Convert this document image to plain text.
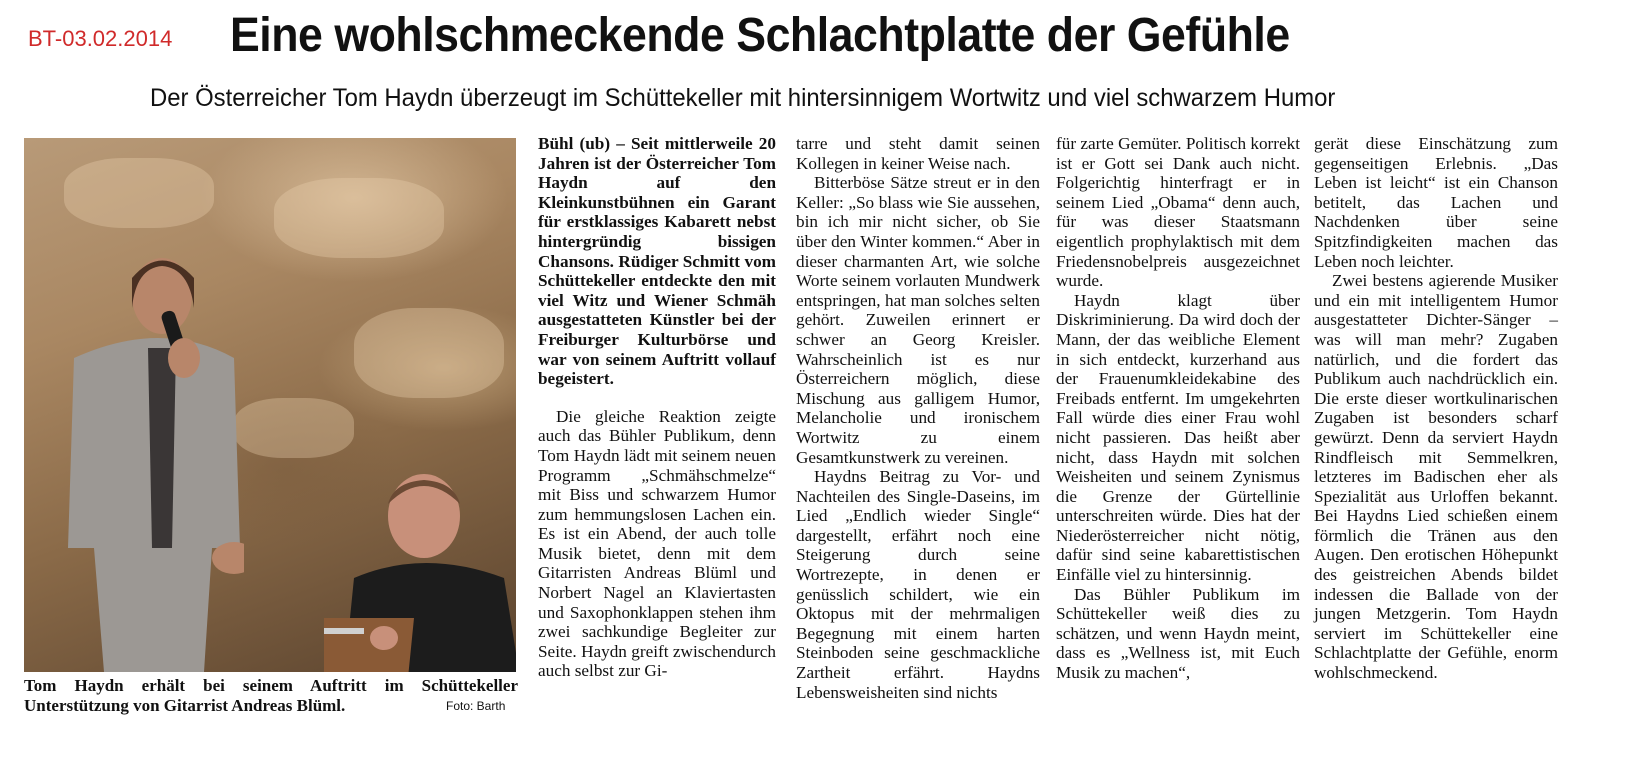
BT-03.02.2014 Eine wohlschmeckende Schlachtplatte der Gefühle
Der Österreicher Tom Haydn überzeugt im Schüttekeller mit hintersinnigem Wortwitz und viel schwarzem Humor
Tom Haydn erhält bei seinem Auftritt im Schüttekeller Unterstützung von Gitarrist Andreas Blüml.	Foto: Barth

Bühl (ub) – Seit mittlerweile 20 Jahren ist der Österreicher Tom Haydn auf den Kleinkunstbühnen ein Garant für erstklassiges Kabarett nebst hintergründig bissigen Chansons. Rüdiger Schmitt vom Schüttekeller entdeckte den mit viel Witz und Wiener Schmäh ausgestatteten Künstler bei der Freiburger Kulturbörse und war von seinem Auftritt vollauf begeistert.

Die gleiche Reaktion zeigte auch das Bühler Publikum, denn Tom Haydn lädt mit seinem neuen Programm „Schmähschmelze“ mit Biss und schwarzem Humor zum hemmungslosen Lachen ein. Es ist ein Abend, der auch tolle Musik bietet, denn mit dem Gitarristen Andreas Blüml und Norbert Nagel an Klaviertasten und Saxophonklappen stehen ihm zwei sachkundige Begleiter zur Seite. Haydn greift zwischendurch auch selbst zur Gi-

tarre und steht damit seinen Kollegen in keiner Weise nach.

Bitterböse Sätze streut er in den Keller: „So blass wie Sie aussehen, bin ich mir nicht sicher, ob Sie über den Winter kommen.“ Aber in dieser charmanten Art, wie solche Worte seinem vorlauten Mundwerk entspringen, hat man solches selten gehört. Zuweilen erinnert er schwer an Georg Kreisler. Wahrscheinlich ist es nur Österreichern möglich, diese Mischung aus galligem Humor, Melancholie und ironischem Wortwitz zu einem Gesamtkunstwerk zu vereinen.

Haydns Beitrag zu Vor- und Nachteilen des Single-Daseins, im Lied „Endlich wieder Single“ dargestellt, erfährt noch eine Steigerung durch seine Wortrezepte, in denen er genüsslich schildert, wie ein Oktopus mit der mehrmaligen Begegnung mit einem harten Steinboden seine geschmackliche Zartheit erfährt. Haydns Lebensweisheiten sind nichts

für zarte Gemüter. Politisch korrekt ist er Gott sei Dank auch nicht. Folgerichtig hinterfragt er in seinem Lied „Obama“ denn auch, für was dieser Staatsmann eigentlich prophylaktisch mit dem Friedensnobelpreis ausgezeichnet wurde.

Haydn klagt über Diskriminierung. Da wird doch der Mann, der das weibliche Element in sich entdeckt, kurzerhand aus der Frauenumkleidekabine des Freibads entfernt. Im umgekehrten Fall würde dies einer Frau wohl nicht passieren. Das heißt aber nicht, dass Haydn mit solchen Weisheiten und seinem Zynismus die Grenze der Gürtellinie unterschreiten würde. Dies hat der Niederösterreicher nicht nötig, dafür sind seine kabarettistischen Einfälle viel zu hintersinnig.

Das Bühler Publikum im Schüttekeller weiß dies zu schätzen, und wenn Haydn meint, dass es „Wellness ist, mit Euch Musik zu machen“,

gerät diese Einschätzung zum gegenseitigen Erlebnis. „Das Leben ist leicht“ ist ein Chanson betitelt, das Lachen und Nachdenken über seine Spitzfindigkeiten machen das Leben noch leichter.

Zwei bestens agierende Musiker und ein mit intelligentem Humor ausgestatteter Dichter-Sänger – was will man mehr? Zugaben natürlich, und die fordert das Publikum auch nachdrücklich ein. Die erste dieser wortkulinarischen Zugaben ist besonders scharf gewürzt. Denn da serviert Haydn Rindfleisch mit Semmelkren, letzteres im Badischen eher als Spezialität aus Urloffen bekannt. Bei Haydns Lied schießen einem förmlich die Tränen aus den Augen. Den erotischen Höhepunkt des geistreichen Abends bildet indessen die Ballade von der jungen Metzgerin. Tom Haydn serviert im Schüttekeller eine Schlachtplatte der Gefühle, enorm wohlschmeckend.
